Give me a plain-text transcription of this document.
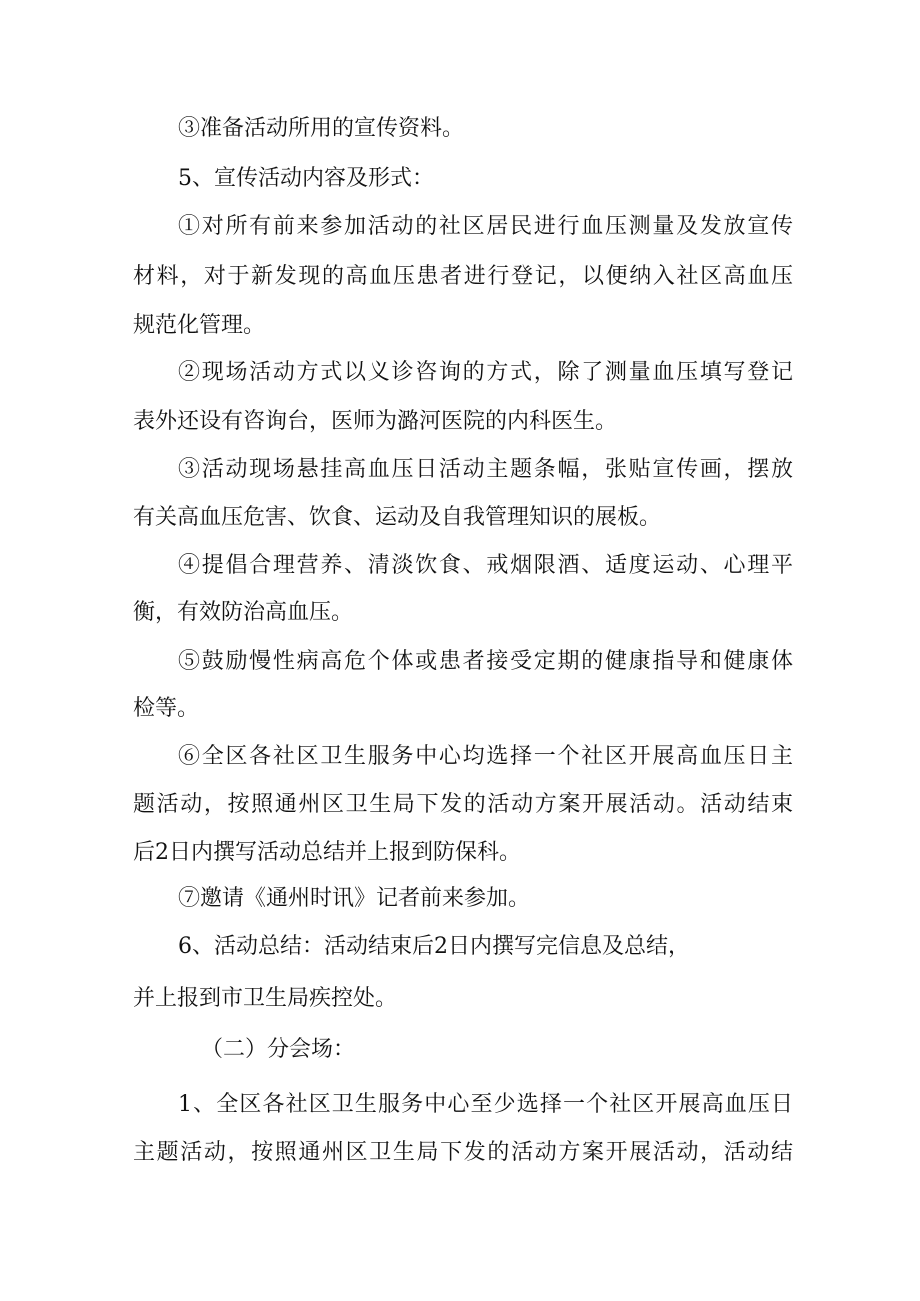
③准备活动所用的宣传资料。

5、宣传活动内容及形式：

①对所有前来参加活动的社区居民进行血压测量及发放宣传

材料，对于新发现的高血压患者进行登记，以便纳入社区高血压

规范化管理。

②现场活动方式以义诊咨询的方式，除了测量血压填写登记

表外还设有咨询台，医师为潞河医院的内科医生。

③活动现场悬挂高血压日活动主题条幅，张贴宣传画，摆放

有关高血压危害、饮食、运动及自我管理知识的展板。

④提倡合理营养、清淡饮食、戒烟限酒、适度运动、心理平

衡，有效防治高血压。

⑤鼓励慢性病高危个体或患者接受定期的健康指导和健康体

检等。

⑥全区各社区卫生服务中心均选择一个社区开展高血压日主

题活动，按照通州区卫生局下发的活动方案开展活动。活动结束

后2日内撰写活动总结并上报到防保科。

⑦邀请《通州时讯》记者前来参加。

6、活动总结：活动结束后2日内撰写完信息及总结，

并上报到市卫生局疾控处。

（二）分会场：

1、全区各社区卫生服务中心至少选择一个社区开展高血压日

主题活动，按照通州区卫生局下发的活动方案开展活动，活动结
